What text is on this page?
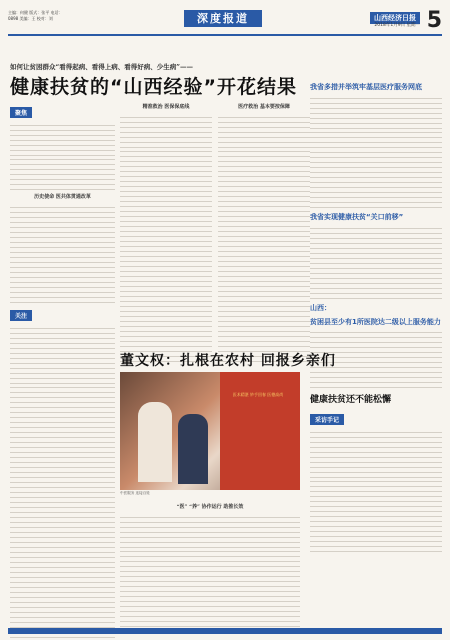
主编：何健 版式：张平 电话：0898 美编：王 校对：刘	深度报道	山西经济日报
2018年1月9日 星期一 5
如何让贫困群众“看得起病、看得上病、看得好病、少生病”——
健康扶贫的“山西经验”开花结果
聚焦
历史使命 医共体贯通改革
关注
精准救治 医保保底线	医疗救治 基本要按保障
我省多措并举筑牢基层医疗服务网底
我省实现健康扶贫“关口前移”
山西：
贫困县至少有1所医院达二级以上服务能力
健康扶贫还不能松懈
采访手记
董文权：扎根在农村 回报乡亲们
医术精湛 妙手回春 医德高尚
中医服务 连接百姓
“医” “养” 协作运行 助推长效
